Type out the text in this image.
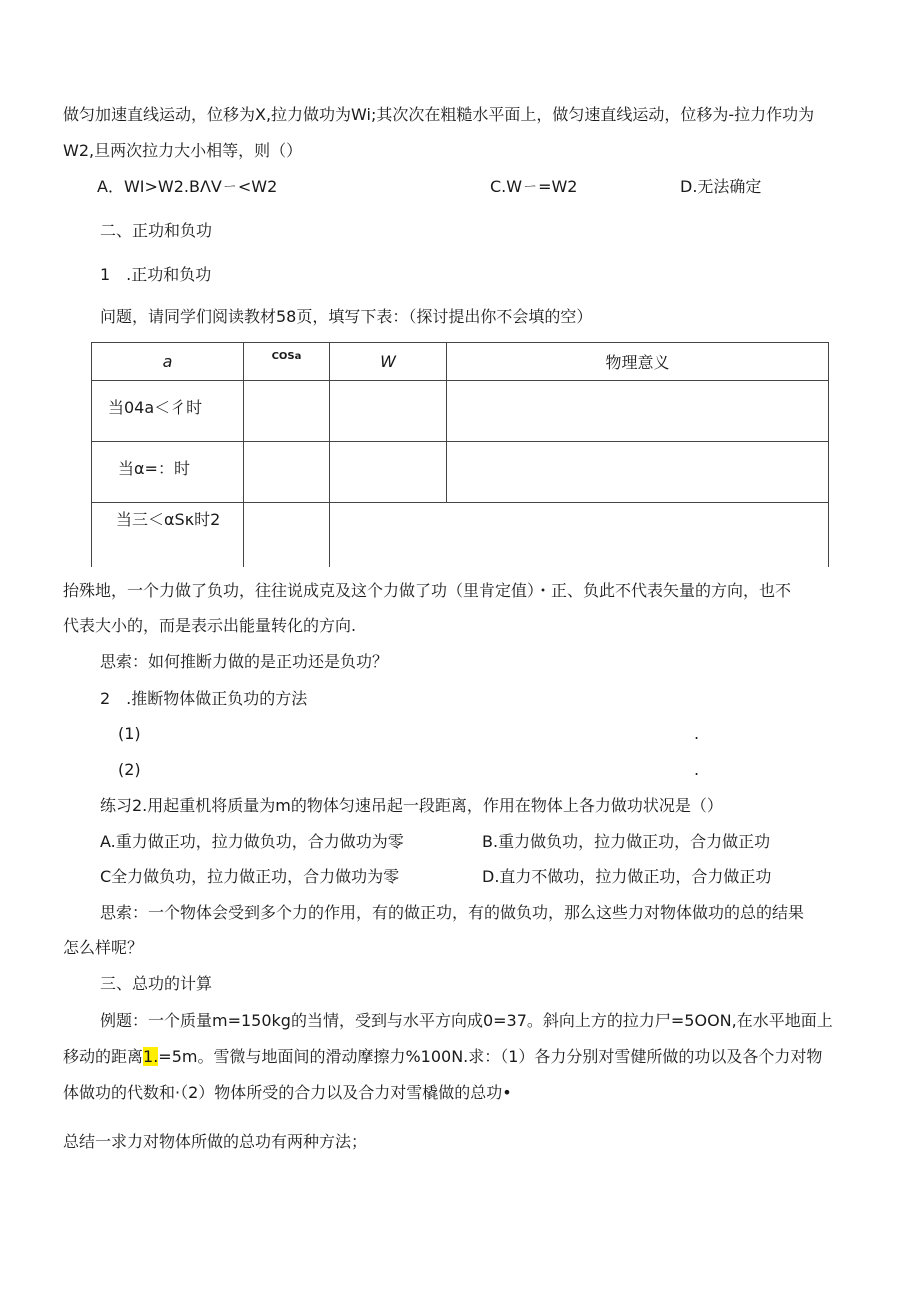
做匀加速直线运动，位移为X,拉力做功为Wi;其次次在粗糙水平面上，做匀速直线运动，位移为-拉力作功为
W2,旦两次拉力大小相等，则（）
A．WI>W2.BΛVㄧ<W2	C.Wㄧ=W2	D.无法确定
二、正功和负功
1　.正功和负功
问题，请同学们阅读教材58页，填写下表：（探讨提出你不会填的空）
a	COSa	W	物理意义

当04a＜彳时			

当α=：时			

当三＜αSκ时2			

抬殊地，一个力做了负功，往往说成克及这个力做了功（里肯定值）・正、负此不代表矢量的方向，也不
代表大小的，而是表示出能量转化的方向.
思索：如何推断力做的是正功还是负功？
2　.推断物体做正负功的方法
(1)	.
(2)	.
练习2.用起重机将质量为m的物体匀速吊起一段距离，作用在物体上各力做功状况是（）
A.重力做正功，拉力做负功，合力做功为零	B.重力做负功，拉力做正功，合力做正功
C全力做负功，拉力做正功，合力做功为零	D.直力不做功，拉力做正功，合力做正功
思索：一个物体会受到多个力的作用，有的做正功，有的做负功，那么这些力对物体做功的总的结果
怎么样呢？
三、总功的计算
例题：一个质量m=150kg的当情，受到与水平方向成0=37。斜向上方的拉力尸=5OON,在水平地面上
移动的距离1.=5m。雪微与地面间的滑动摩擦力%100N.求：（1）各力分别对雪健所做的功以及各个力对物
体做功的代数和·（2）物体所受的合力以及合力对雪橇做的总功•
总结一求力对物体所做的总功有两种方法；
